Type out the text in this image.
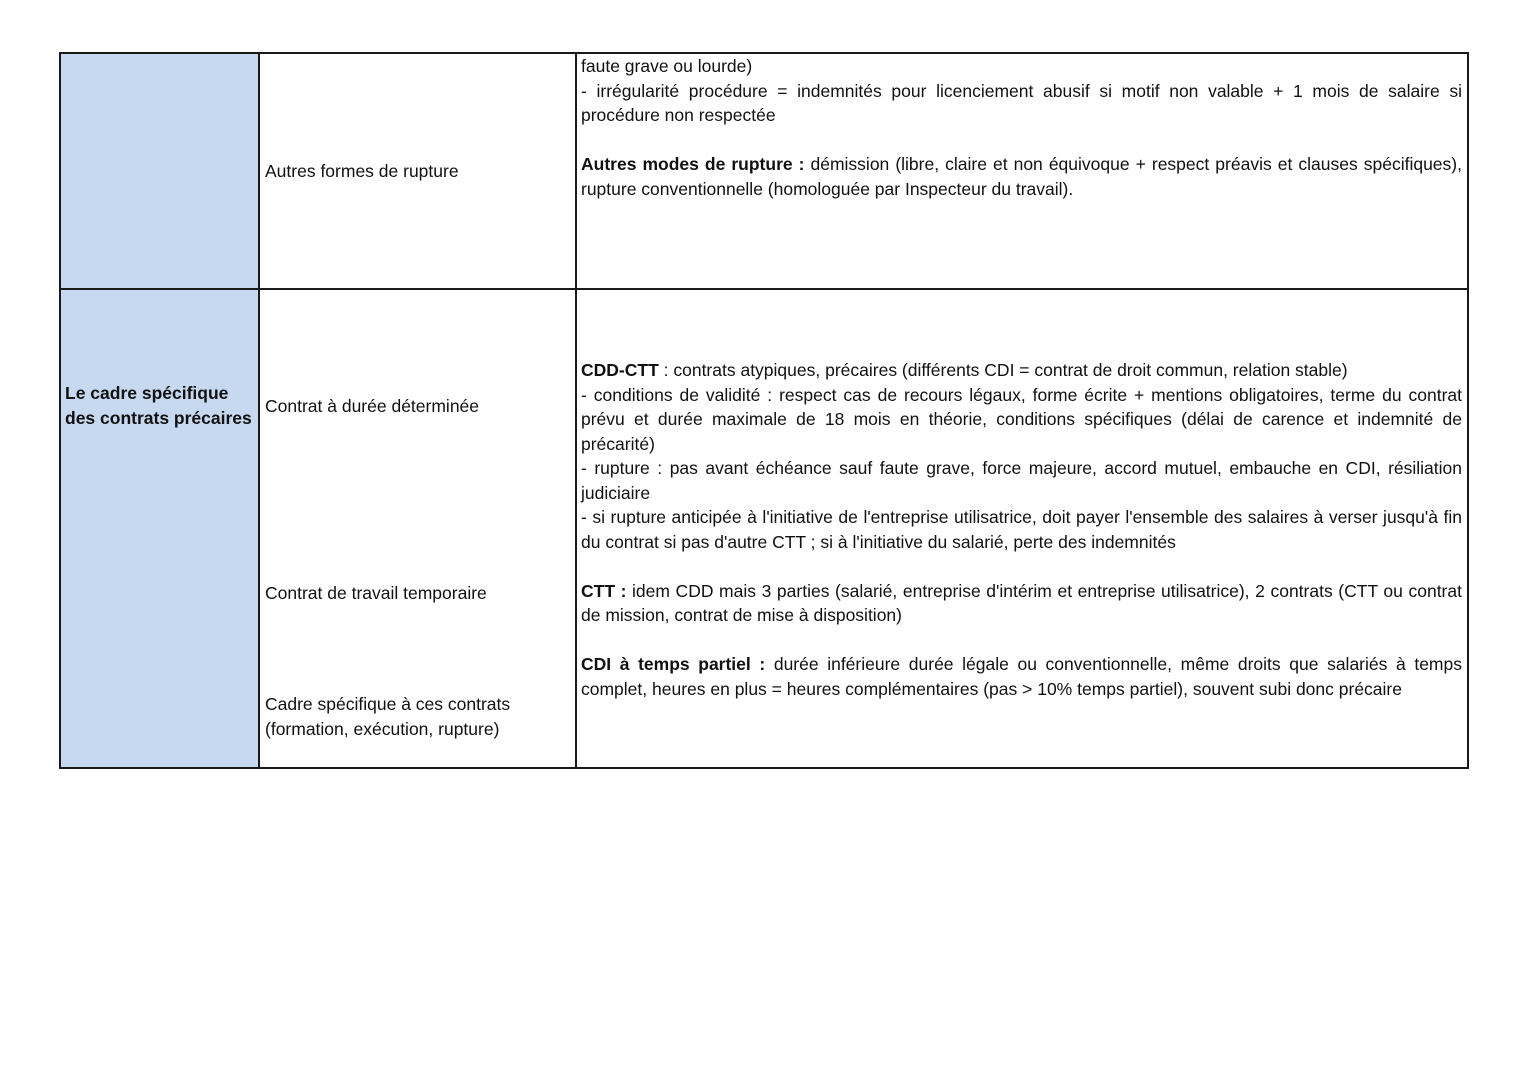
Autres formes de rupture

faute grave ou lourde)

- irrégularité procédure = indemnités pour licenciement abusif si motif non valable + 1 mois de salaire si procédure non respectée

Autres modes de rupture : démission (libre, claire et non équivoque + respect préavis et clauses spécifiques), rupture conventionnelle (homologuée par Inspecteur du travail).

Le cadre spécifique des contrats précaires
Contrat à durée déterminée
Contrat de travail temporaire
Cadre spécifique à ces contrats (formation, exécution, rupture)

CDD-CTT : contrats atypiques, précaires (différents CDI = contrat de droit commun, relation stable)

- conditions de validité : respect cas de recours légaux, forme écrite + mentions obligatoires, terme du contrat prévu et durée maximale de 18 mois en théorie, conditions spécifiques (délai de carence et indemnité de précarité)

- rupture : pas avant échéance sauf faute grave, force majeure, accord mutuel, embauche en CDI, résiliation judiciaire

- si rupture anticipée à l'initiative de l'entreprise utilisatrice, doit payer l'ensemble des salaires à verser jusqu'à fin du contrat si pas d'autre CTT ; si à l'initiative du salarié, perte des indemnités

CTT : idem CDD mais 3 parties (salarié, entreprise d'intérim et entreprise utilisatrice), 2 contrats (CTT ou contrat de mission, contrat de mise à disposition)

CDI à temps partiel : durée inférieure durée légale ou conventionnelle, même droits que salariés à temps complet, heures en plus = heures complémentaires (pas > 10% temps partiel), souvent subi donc précaire
